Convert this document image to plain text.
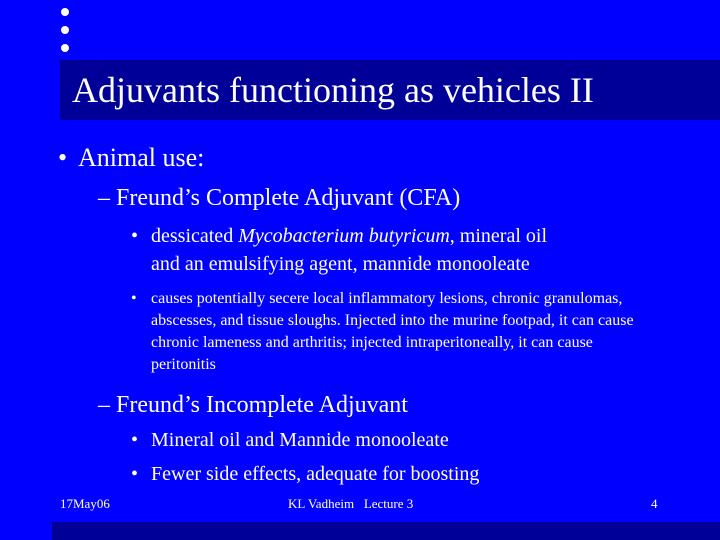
Adjuvants functioning as vehicles II
• Animal use:
– Freund’s Complete Adjuvant (CFA)
• dessicated Mycobacterium butyricum, mineral oil
and an emulsifying agent, mannide monooleate
• causes potentially secere local inflammatory lesions, chronic granulomas, abscesses, and tissue sloughs. Injected into the murine footpad, it can cause chronic lameness and arthritis; injected intraperitoneally, it can cause peritonitis
– Freund’s Incomplete Adjuvant
• Mineral oil and Mannide monooleate
• Fewer side effects, adequate for boosting
17May06	KL Vadheim   Lecture 3	4
